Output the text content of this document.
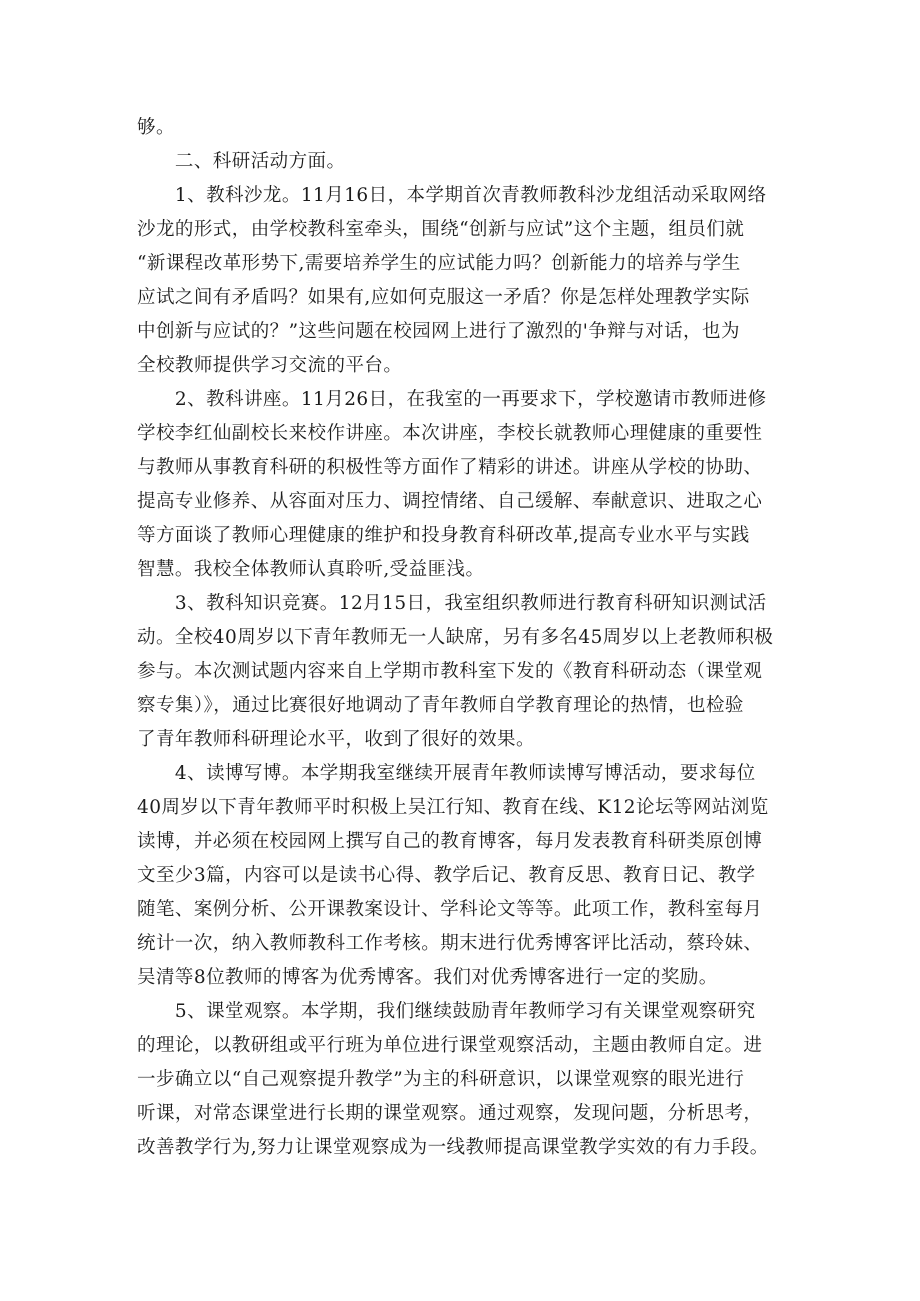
够。
　　二、科研活动方面。
　　1、教科沙龙。11月16日，本学期首次青教师教科沙龙组活动采取网络
沙龙的形式，由学校教科室牵头，围绕“创新与应试”这个主题，组员们就
“新课程改革形势下,需要培养学生的应试能力吗？创新能力的培养与学生
应试之间有矛盾吗？如果有,应如何克服这一矛盾？你是怎样处理教学实际
中创新与应试的？”这些问题在校园网上进行了激烈的'争辩与对话，也为
全校教师提供学习交流的平台。
　　2、教科讲座。11月26日，在我室的一再要求下，学校邀请市教师进修
学校李红仙副校长来校作讲座。本次讲座，李校长就教师心理健康的重要性
与教师从事教育科研的积极性等方面作了精彩的讲述。讲座从学校的协助、
提高专业修养、从容面对压力、调控情绪、自己缓解、奉献意识、进取之心
等方面谈了教师心理健康的维护和投身教育科研改革,提高专业水平与实践
智慧。我校全体教师认真聆听,受益匪浅。
　　3、教科知识竞赛。12月15日，我室组织教师进行教育科研知识测试活
动。全校40周岁以下青年教师无一人缺席，另有多名45周岁以上老教师积极
参与。本次测试题内容来自上学期市教科室下发的《教育科研动态（课堂观
察专集）》，通过比赛很好地调动了青年教师自学教育理论的热情，也检验
了青年教师科研理论水平，收到了很好的效果。
　　4、读博写博。本学期我室继续开展青年教师读博写博活动，要求每位
40周岁以下青年教师平时积极上吴江行知、教育在线、K12论坛等网站浏览
读博，并必须在校园网上撰写自己的教育博客，每月发表教育科研类原创博
文至少3篇，内容可以是读书心得、教学后记、教育反思、教育日记、教学
随笔、案例分析、公开课教案设计、学科论文等等。此项工作，教科室每月
统计一次，纳入教师教科工作考核。期末进行优秀博客评比活动，蔡玲妹、
吴清等8位教师的博客为优秀博客。我们对优秀博客进行一定的奖励。
　　5、课堂观察。本学期，我们继续鼓励青年教师学习有关课堂观察研究
的理论，以教研组或平行班为单位进行课堂观察活动，主题由教师自定。进
一步确立以“自己观察提升教学”为主的科研意识，以课堂观察的眼光进行
听课，对常态课堂进行长期的课堂观察。通过观察，发现问题，分析思考，
改善教学行为,努力让课堂观察成为一线教师提高课堂教学实效的有力手段。
